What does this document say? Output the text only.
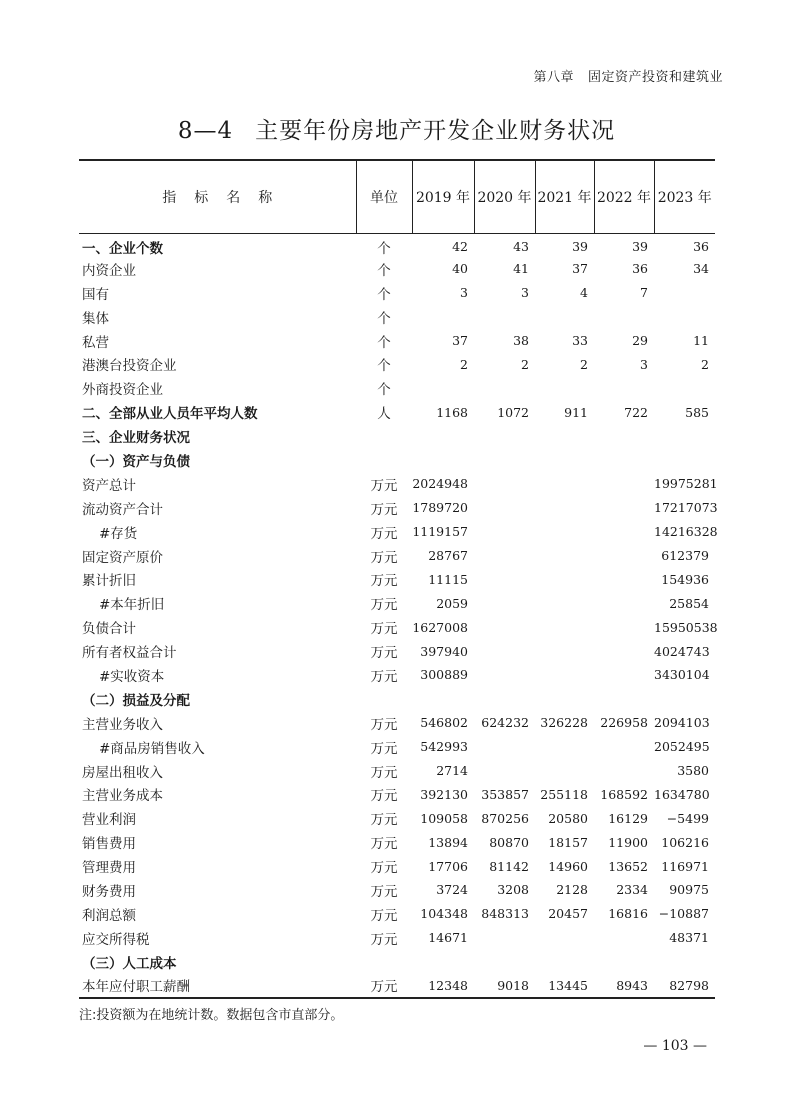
第八章 固定资产投资和建筑业
8—4 主要年份房地产开发企业财务状况
指标名称	单位	2019 年	2020 年	2021 年	2022 年	2023 年
一、企业个数	个	42	43	39	39	36
内资企业	个	40	41	37	36	34
国有	个	3	3	4	7	
集体	个					
私营	个	37	38	33	29	11
港澳台投资企业	个	2	2	2	3	2
外商投资企业	个					
二、全部从业人员年平均人数	人	1168	1072	911	722	585
三、企业财务状况						
（一）资产与负债						
资产总计	万元	2024948				19975281
流动资产合计	万元	1789720				17217073
#存货	万元	1119157				14216328
固定资产原价	万元	28767				612379
累计折旧	万元	11115				154936
#本年折旧	万元	2059				25854
负债合计	万元	1627008				15950538
所有者权益合计	万元	397940				4024743
#实收资本	万元	300889				3430104
（二）损益及分配						
主营业务收入	万元	546802	624232	326228	226958	2094103
#商品房销售收入	万元	542993				2052495
房屋出租收入	万元	2714				3580
主营业务成本	万元	392130	353857	255118	168592	1634780
营业利润	万元	109058	870256	20580	16129	−5499
销售费用	万元	13894	80870	18157	11900	106216
管理费用	万元	17706	81142	14960	13652	116971
财务费用	万元	3724	3208	2128	2334	90975
利润总额	万元	104348	848313	20457	16816	−10887
应交所得税	万元	14671				48371
（三）人工成本						
本年应付职工薪酬	万元	12348	9018	13445	8943	82798
注:投资额为在地统计数。数据包含市直部分。
— 103 —
